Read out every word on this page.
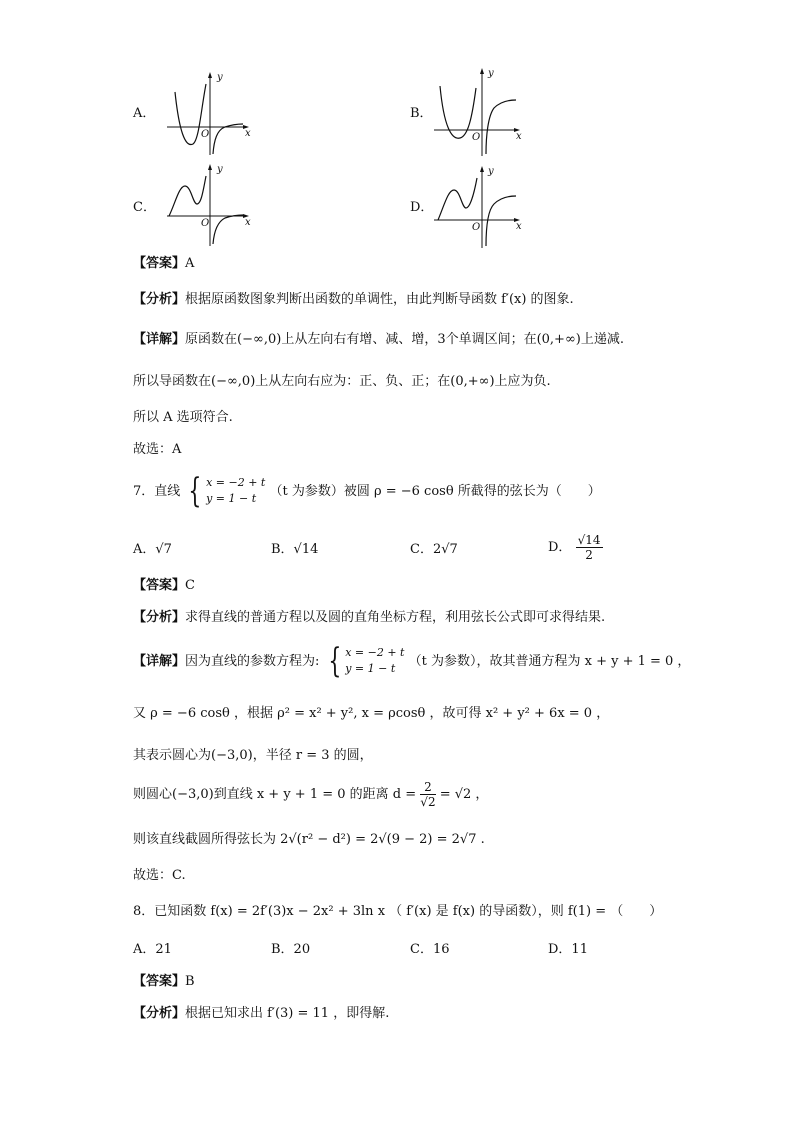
A．
y
x
O
B．
y
x
O
C．
y
x
O
D．
y
x
O
【答案】A
【分析】根据原函数图象判断出函数的单调性，由此判断导函数 f′(x) 的图象.
【详解】原函数在(−∞,0)上从左向右有增、减、增，3个单调区间；在(0,+∞)上递减.
所以导函数在(−∞,0)上从左向右应为：正、负、正；在(0,+∞)上应为负.
所以 A 选项符合.
故选：A
7．直线 { x = −2 + t
y = 1 − t	（t 为参数）被圆 ρ = −6 cosθ 所截得的弦长为（　　）
A．√7	B．√14	C．2√7	D． $\frac{√14}{2}$
【答案】C
【分析】求得直线的普通方程以及圆的直角坐标方程，利用弦长公式即可求得结果.
【详解】因为直线的参数方程为: { x = −2 + t
y = 1 − t	（t 为参数），故其普通方程为 x + y + 1 = 0 ，
又 ρ = −6 cosθ ，根据 ρ² = x² + y², x = ρcosθ ，故可得 x² + y² + 6x = 0 ，
其表示圆心为(−3,0)，半径 r = 3 的圆，
则圆心(−3,0)到直线 x + y + 1 = 0 的距离 $d = \frac{2}{√2} = √2$ ，
则该直线截圆所得弦长为 2√(r² − d²) = 2√(9 − 2) = 2√7 .
故选：C.
8．已知函数 f(x) = 2f′(3)x − 2x² + 3ln x （ f′(x) 是 f(x) 的导函数），则 f(1) = （　　）
A．21	B．20	C．16	D．11
【答案】B
【分析】根据已知求出 f′(3) = 11 ，即得解.
